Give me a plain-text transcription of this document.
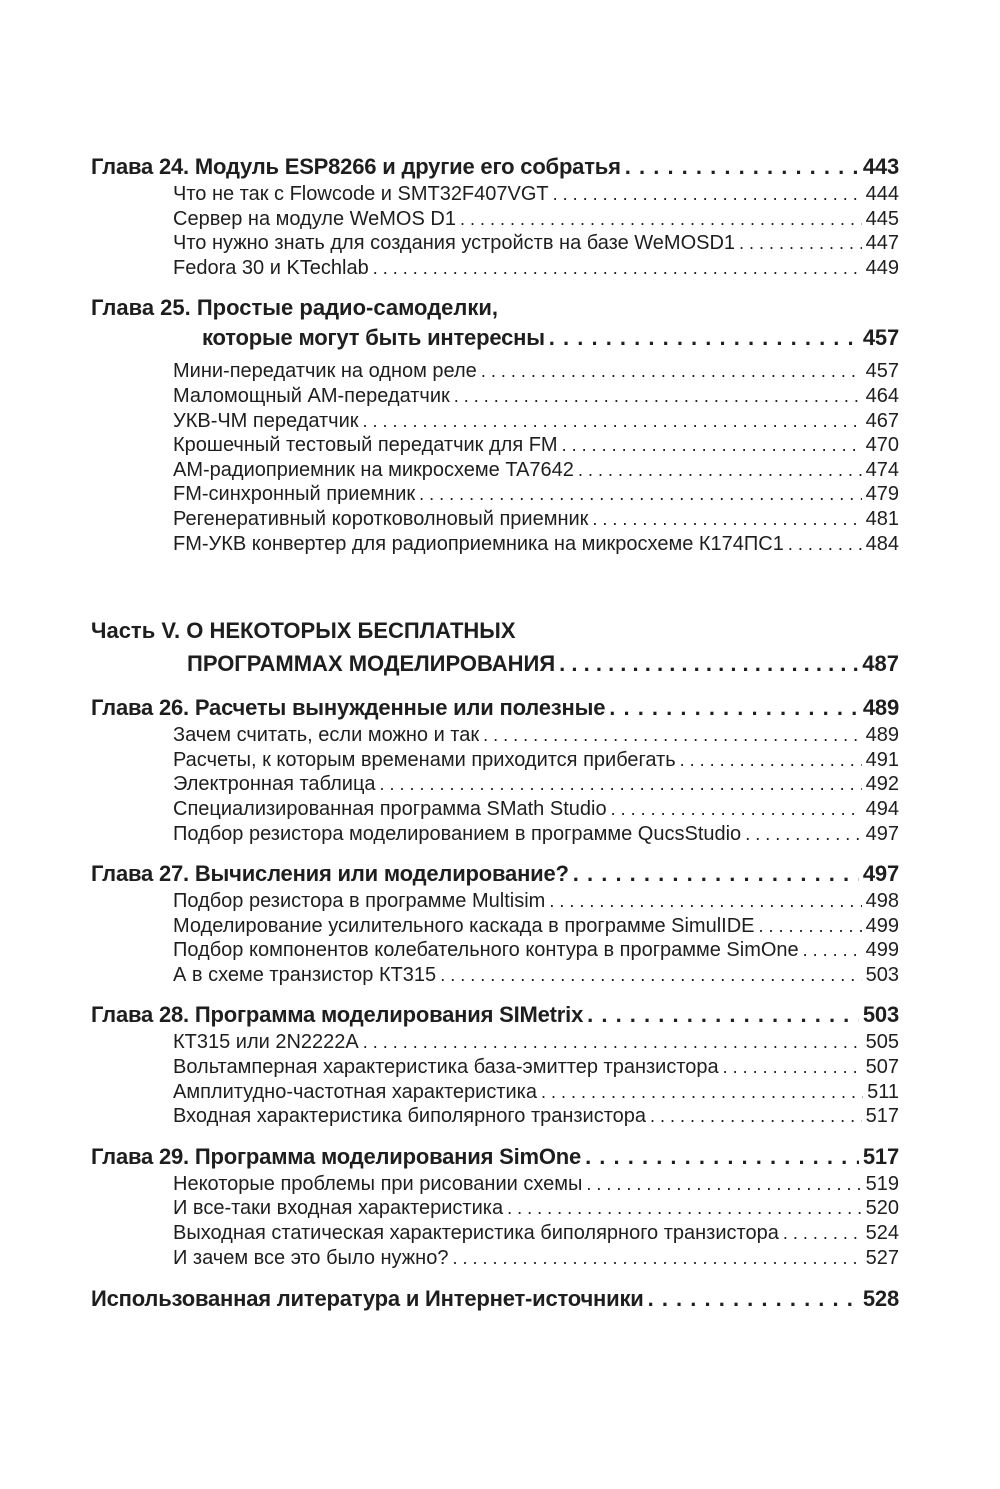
Глава 24. Модуль ESP8266 и другие его собратья . . .	443
Что не так с Flowcode и SMT32F407VGT . . .	444
Сервер на модуле WeMOS D1 . . .	445
Что нужно знать для создания устройств на базе WeMOSD1 . . .	447
Fedora 30 и KTechlab . . .	449
Глава 25. Простые радио-самоделки,
которые могут быть интересны . . .	457
Мини-передатчик на одном реле . . .	457
Маломощный АМ-передатчик . . .	464
УКВ-ЧМ передатчик . . .	467
Крошечный тестовый передатчик для FM . . .	470
АМ-радиоприемник на микросхеме TA7642 . . .	474
FM-синхронный приемник . . .	479
Регенеративный коротковолновый приемник . . .	481
FM-УКВ конвертер для радиоприемника на микросхеме К174ПС1 . . .	484
Часть V. О НЕКОТОРЫХ БЕСПЛАТНЫХ
ПРОГРАММАХ МОДЕЛИРОВАНИЯ . . .	487
Глава 26. Расчеты вынужденные или полезные . . .	489
Зачем считать, если можно и так . . .	489
Расчеты, к которым временами приходится прибегать . . .	491
Электронная таблица . . .	492
Специализированная программа SMath Studio . . .	494
Подбор резистора моделированием в программе QucsStudio . . .	497
Глава 27. Вычисления или моделирование? . . .	497
Подбор резистора в программе Multisim . . .	498
Моделирование усилительного каскада в программе SimulIDE . . .	499
Подбор компонентов колебательного контура в программе SimOne . . .	499
А в схеме транзистор КТ315 . . .	503
Глава 28. Программа моделирования SIMetrix . . .	503
КТ315 или 2N2222A . . .	505
Вольтамперная характеристика база-эмиттер транзистора . . .	507
Амплитудно-частотная характеристика . . .	511
Входная характеристика биполярного транзистора . . .	517
Глава 29. Программа моделирования SimOne . . .	517
Некоторые проблемы при рисовании схемы . . .	519
И все-таки входная характеристика . . .	520
Выходная статическая характеристика биполярного транзистора . . .	524
И зачем все это было нужно? . . .	527
Использованная литература и Интернет-источники . . .	528
